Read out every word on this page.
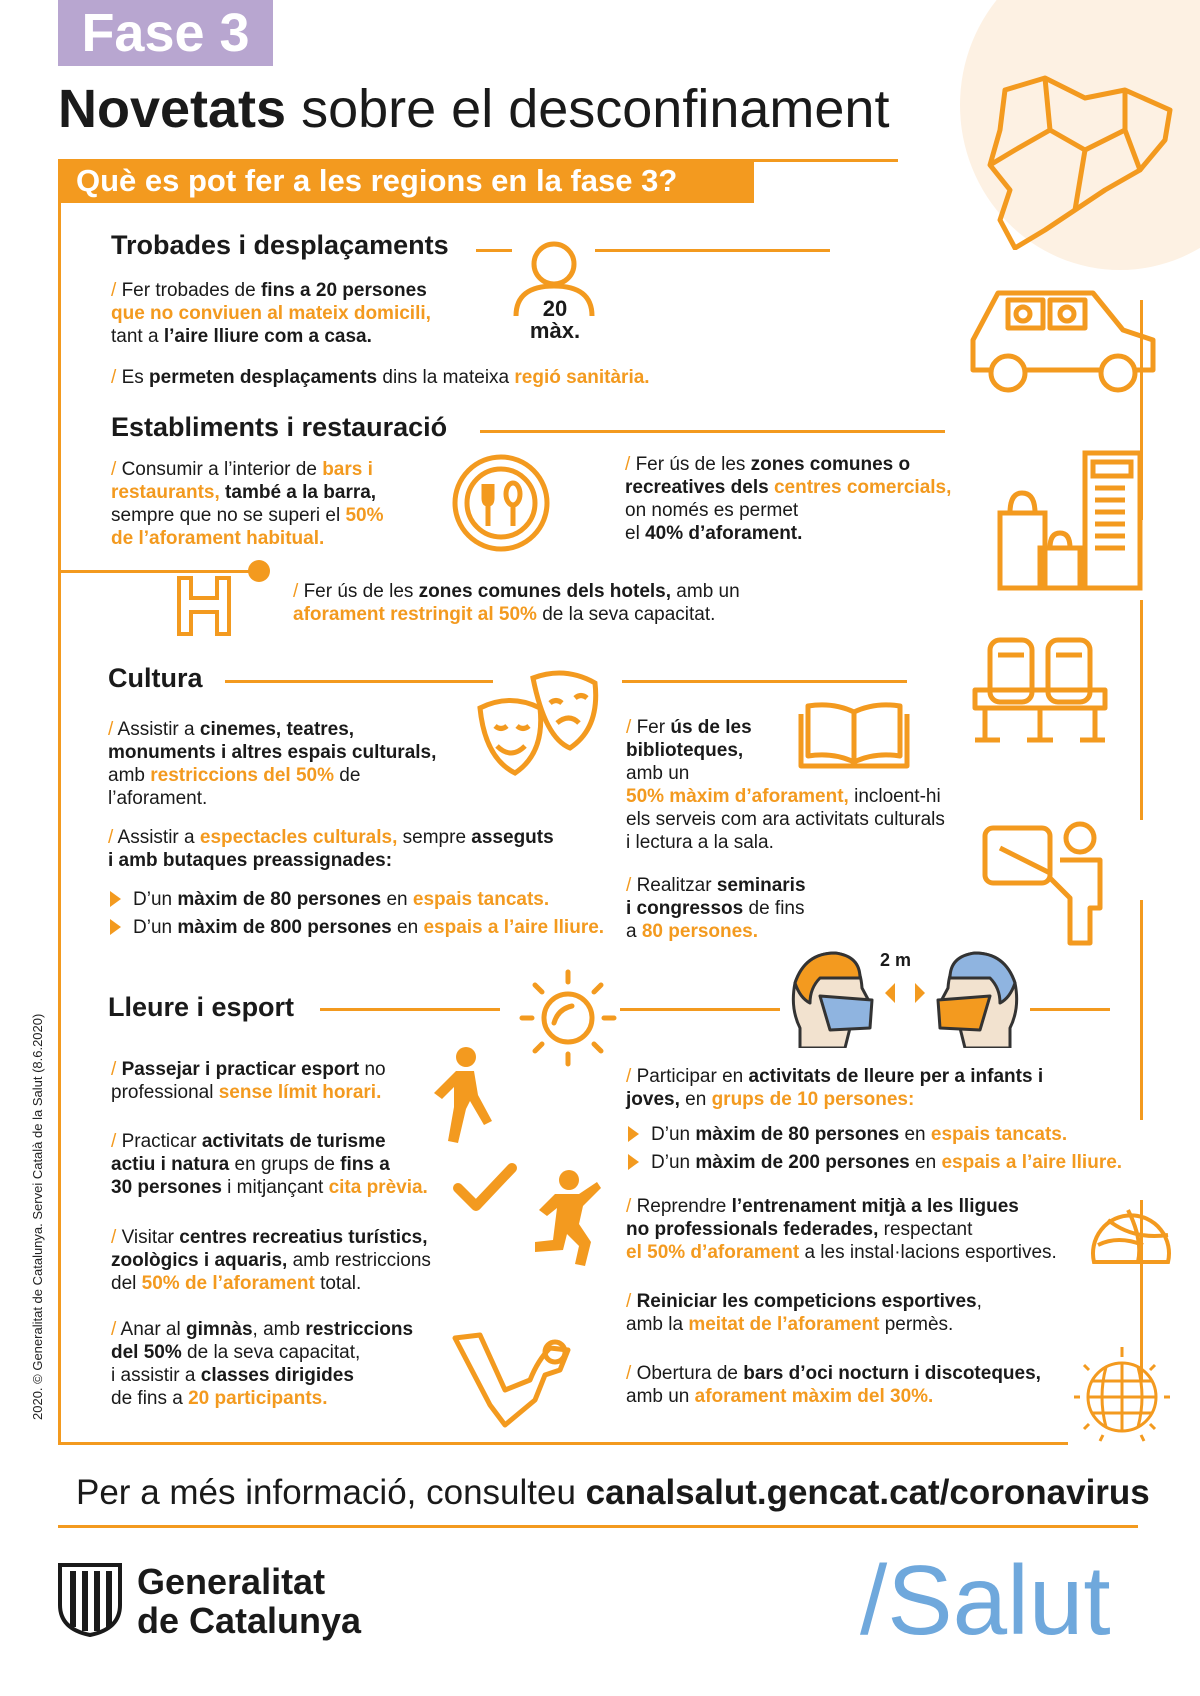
Fase 3
Novetats sobre el desconfinament
Què es pot fer a les regions en la fase 3?
Trobades i desplaçaments
20
màx.
/ Fer trobades de fins a 20 persones
que no conviuen al mateix domicili,
tant a l’aire lliure com a casa.
/ Es permeten desplaçaments dins la mateixa regió sanitària.
Establiments i restauració
/ Consumir a l’interior de bars i
restaurants, també a la barra,
sempre que no se superi el 50%
de l’aforament habitual.
/ Fer ús de les zones comunes o
recreatives dels centres comercials,
on només es permet
el 40% d’aforament.
/ Fer ús de les zones comunes dels hotels, amb un
aforament restringit al 50% de la seva capacitat.
Cultura
/ Assistir a cinemes, teatres,
monuments i altres espais culturals,
amb restriccions del 50% de
l’aforament.
/ Assistir a espectacles culturals, sempre asseguts
i amb butaques preassignades:
D’un màxim de 80 persones en espais tancats.
D’un màxim de 800 persones en espais a l’aire lliure.
/ Fer ús de les
biblioteques,
amb un
50% màxim d’aforament, incloent-hi
els serveis com ara activitats culturals
i lectura a la sala.
/ Realitzar seminaris
i congressos de fins
a 80 persones.
Lleure i esport
2 m
/ Passejar i practicar esport no
professional sense límit horari.
/ Practicar activitats de turisme
actiu i natura en grups de fins a
30 persones i mitjançant cita prèvia.
/ Visitar centres recreatius turístics,
zoològics i aquaris, amb restriccions
del 50% de l’aforament total.
/ Anar al gimnàs, amb restriccions
del 50% de la seva capacitat,
i assistir a classes dirigides
de fins a 20 participants.
/ Participar en activitats de lleure per a infants i
joves, en grups de 10 persones:
D’un màxim de 80 persones en espais tancats.
D’un màxim de 200 persones en espais a l’aire lliure.
/ Reprendre l’entrenament mitjà a les lligues
no professionals federades, respectant
el 50% d’aforament a les instal·lacions esportives.
/ Reiniciar les competicions esportives,
amb la meitat de l’aforament permès.
/ Obertura de bars d’oci nocturn i discoteques,
amb un aforament màxim del 30%.
2020. © Generalitat de Catalunya. Servei Català de la Salut (8.6.2020)
Per a més informació, consulteu canalsalut.gencat.cat/coronavirus
Generalitat
de Catalunya	/Salut
